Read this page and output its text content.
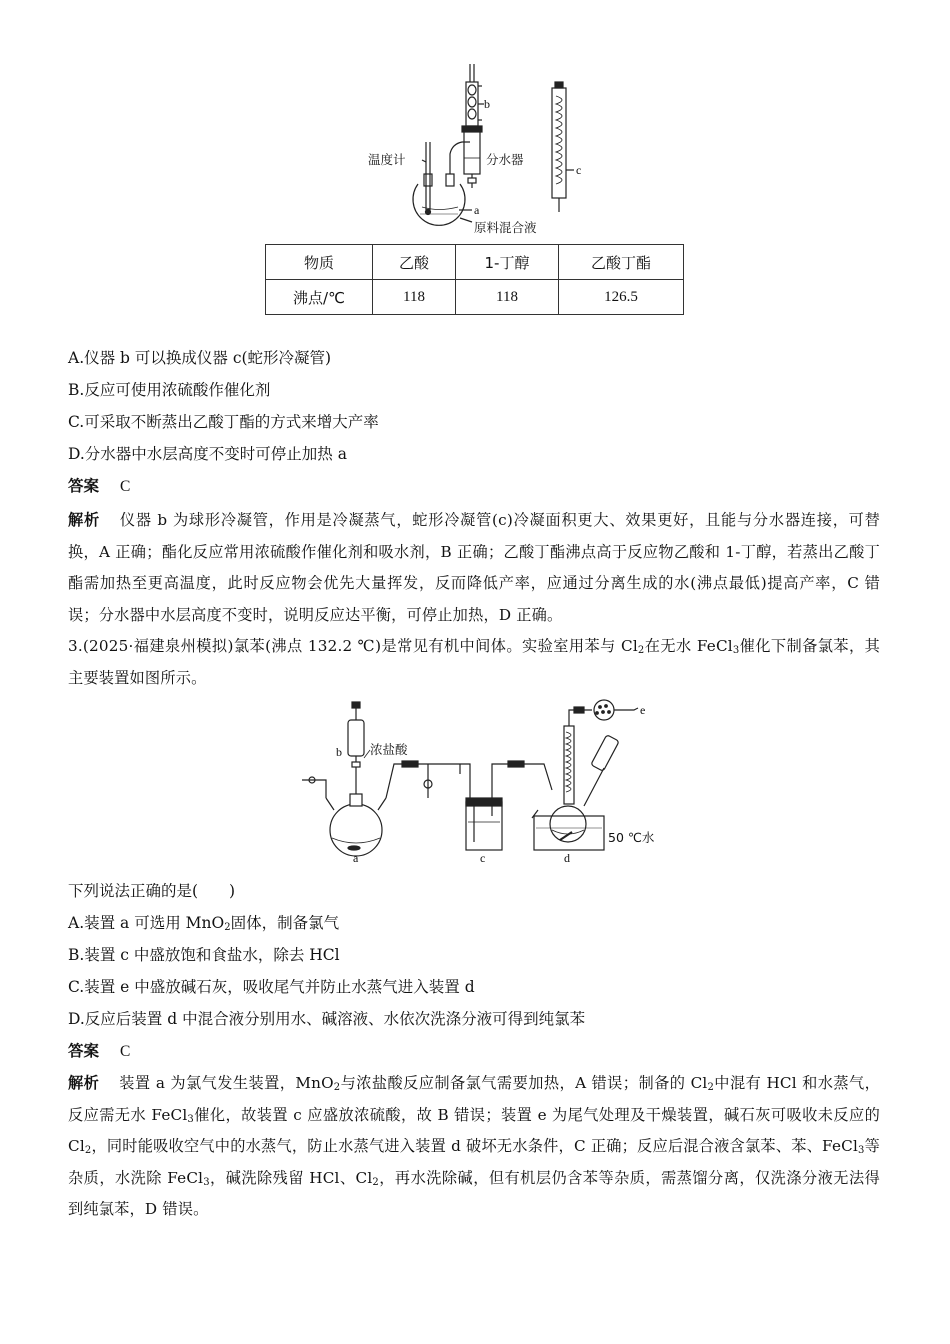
b
温度计	分水器
c
a
原料混合液
物质	乙酸	1-丁醇	乙酸丁酯
沸点/℃	118	118	126.5
A.仪器 b 可以换成仪器 c(蛇形冷凝管)
B.反应可使用浓硫酸作催化剂
C.可采取不断蒸出乙酸丁酯的方式来增大产率
D.分水器中水层高度不变时可停止加热 a
答案 C
解析 仪器 b 为球形冷凝管，作用是冷凝蒸气，蛇形冷凝管(c)冷凝面积更大、效果更好，且能与分水器连接，可替换，A 正确；酯化反应常用浓硫酸作催化剂和吸水剂，B 正确；乙酸丁酯沸点高于反应物乙酸和 1-丁醇，若蒸出乙酸丁酯需加热至更高温度，此时反应物会优先大量挥发，反而降低产率，应通过分离生成的水(沸点最低)提高产率，C 错误；分水器中水层高度不变时，说明反应达平衡，可停止加热，D 正确。
3.(2025·福建泉州模拟)氯苯(沸点 132.2 ℃)是常见有机中间体。实验室用苯与 $Cl_2$在无水 FeCl$_3$催化下制备氯苯，其主要装置如图所示。
b 浓盐酸
a	c	d
e
50 ℃水
下列说法正确的是(　　)
A.装置 a 可选用 MnO$_2$固体，制备氯气
B.装置 c 中盛放饱和食盐水，除去 HCl
C.装置 e 中盛放碱石灰，吸收尾气并防止水蒸气进入装置 d
D.反应后装置 d 中混合液分别用水、碱溶液、水依次洗涤分液可得到纯氯苯
答案 C
解析 装置 a 为氯气发生装置，MnO$_2$与浓盐酸反应制备氯气需要加热，A 错误；制备的 $Cl_2$中混有 HCl 和水蒸气，反应需无水 FeCl$_3$催化，故装置 c 应盛放浓硫酸，故 B 错误；装置 e 为尾气处理及干燥装置，碱石灰可吸收未反应的 $Cl_2$，同时能吸收空气中的水蒸气，防止水蒸气进入装置 d 破坏无水条件，C 正确；反应后混合液含氯苯、苯、FeCl$_3$等杂质，水洗除 FeCl$_3$，碱洗除残留 HCl、$Cl_2$，再水洗除碱，但有机层仍含苯等杂质，需蒸馏分离，仅洗涤分液无法得到纯氯苯，D 错误。
